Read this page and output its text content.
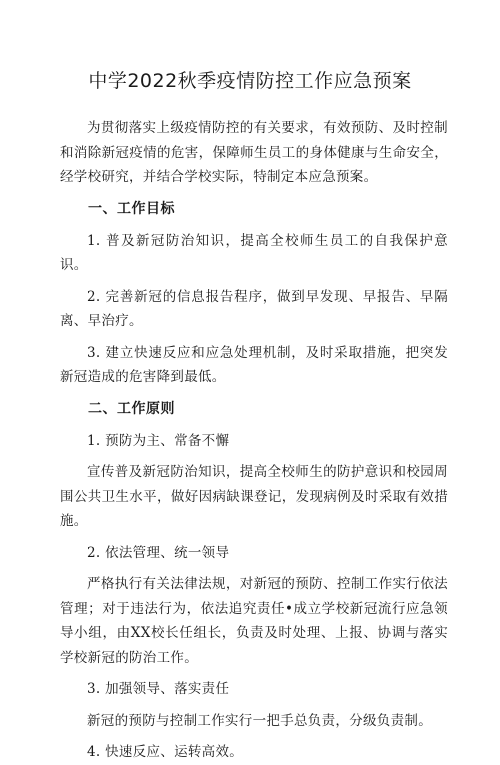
中学2022秋季疫情防控工作应急预案
为贯彻落实上级疫情防控的有关要求，有效预防、及时控制和消除新冠疫情的危害，保障师生员工的身体健康与生命安全，经学校研究，并结合学校实际，特制定本应急预案。
一、工作目标
1. 普及新冠防治知识，提高全校师生员工的自我保护意识。
2. 完善新冠的信息报告程序，做到早发现、早报告、早隔离、早治疗。
3. 建立快速反应和应急处理机制，及时采取措施，把突发新冠造成的危害降到最低。
二、工作原则
1. 预防为主、常备不懈
宣传普及新冠防治知识，提高全校师生的防护意识和校园周围公共卫生水平，做好因病缺课登记，发现病例及时采取有效措施。
2. 依法管理、统一领导
严格执行有关法律法规，对新冠的预防、控制工作实行依法管理；对于违法行为，依法追究责任•成立学校新冠流行应急领导小组，由XX校长任组长，负责及时处理、上报、协调与落实学校新冠的防治工作。
3. 加强领导、落实责任
新冠的预防与控制工作实行一把手总负责，分级负责制。
4. 快速反应、运转高效。
